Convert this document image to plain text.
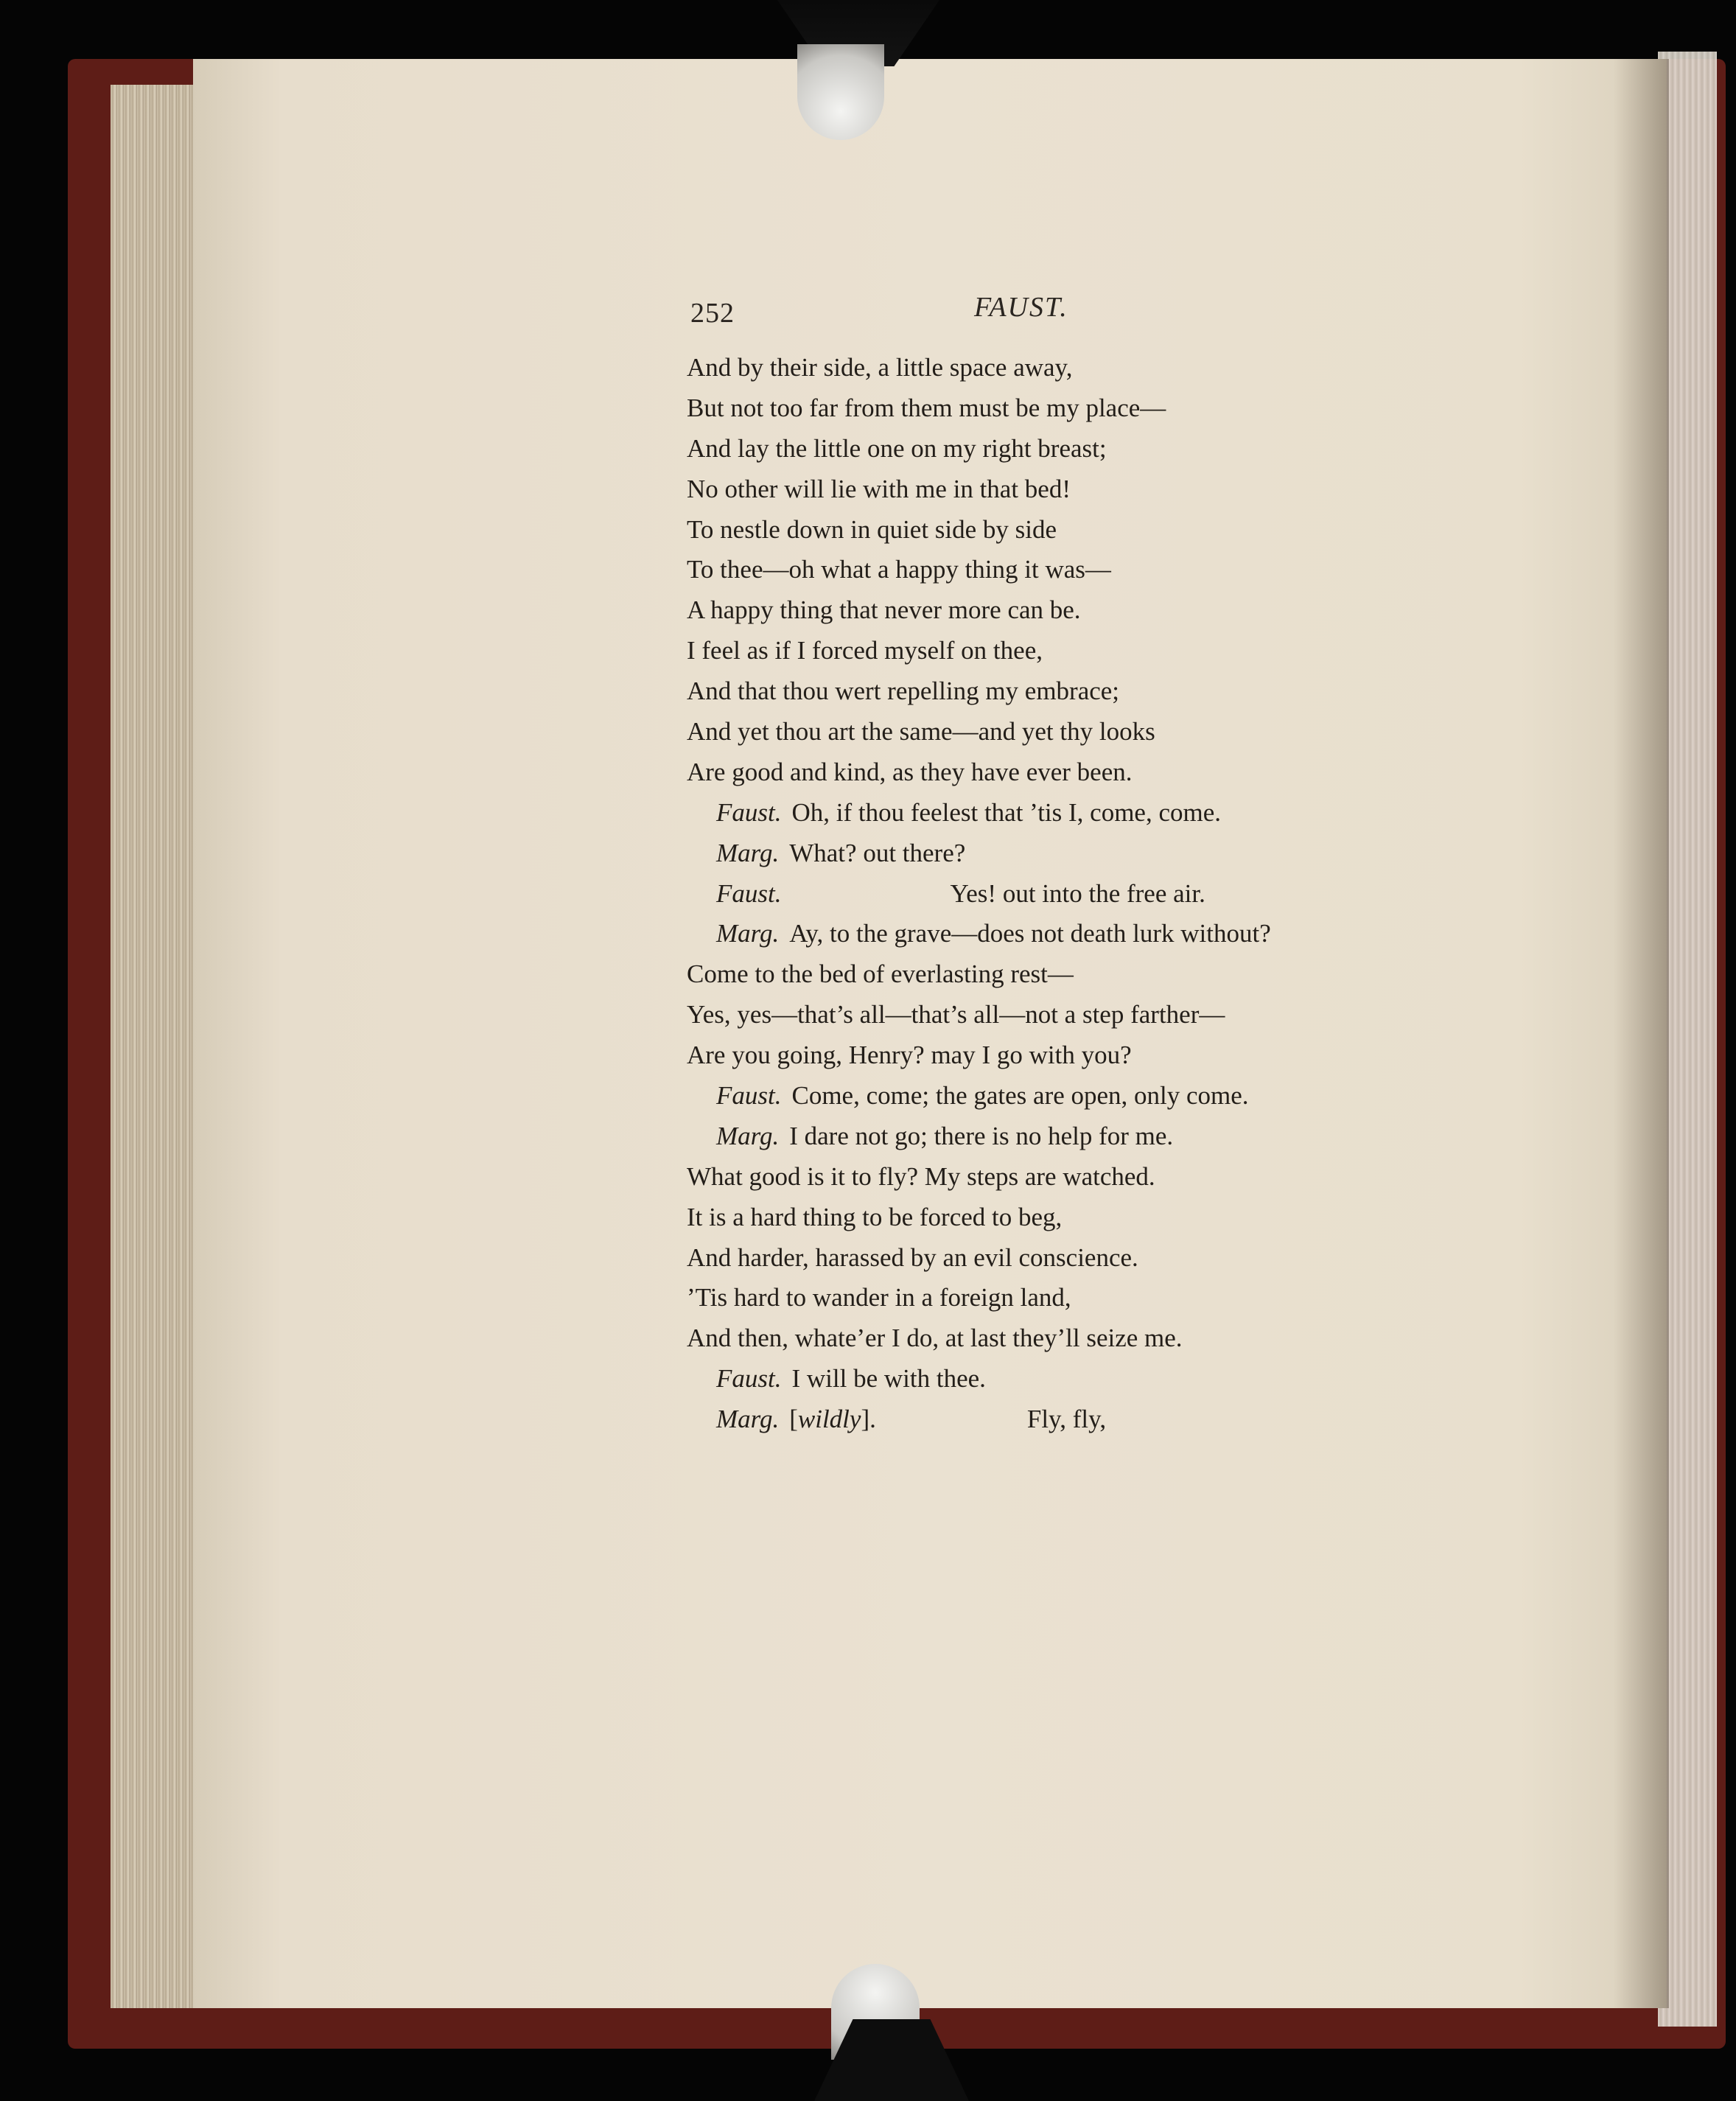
252	FAUST.
And by their side, a little space away,
But not too far from them must be my place—
And lay the little one on my right breast;
No other will lie with me in that bed!
To nestle down in quiet side by side
To thee—oh what a happy thing it was—
A happy thing that never more can be.
I feel as if I forced myself on thee,
And that thou wert repelling my embrace;
And yet thou art the same—and yet thy looks
Are good and kind, as they have ever been.
Faust. Oh, if thou feelest that ’tis I, come, come.
Marg. What? out there?
Faust.	Yes! out into the free air.
Marg. Ay, to the grave—does not death lurk without?
Come to the bed of everlasting rest—
Yes, yes—that’s all—that’s all—not a step farther—
Are you going, Henry? may I go with you?
Faust. Come, come; the gates are open, only come.
Marg. I dare not go; there is no help for me.
What good is it to fly? My steps are watched.
It is a hard thing to be forced to beg,
And harder, harassed by an evil conscience.
’Tis hard to wander in a foreign land,
And then, whate’er I do, at last they’ll seize me.
Faust. I will be with thee.
Marg. [wildly].	Fly, fly,
